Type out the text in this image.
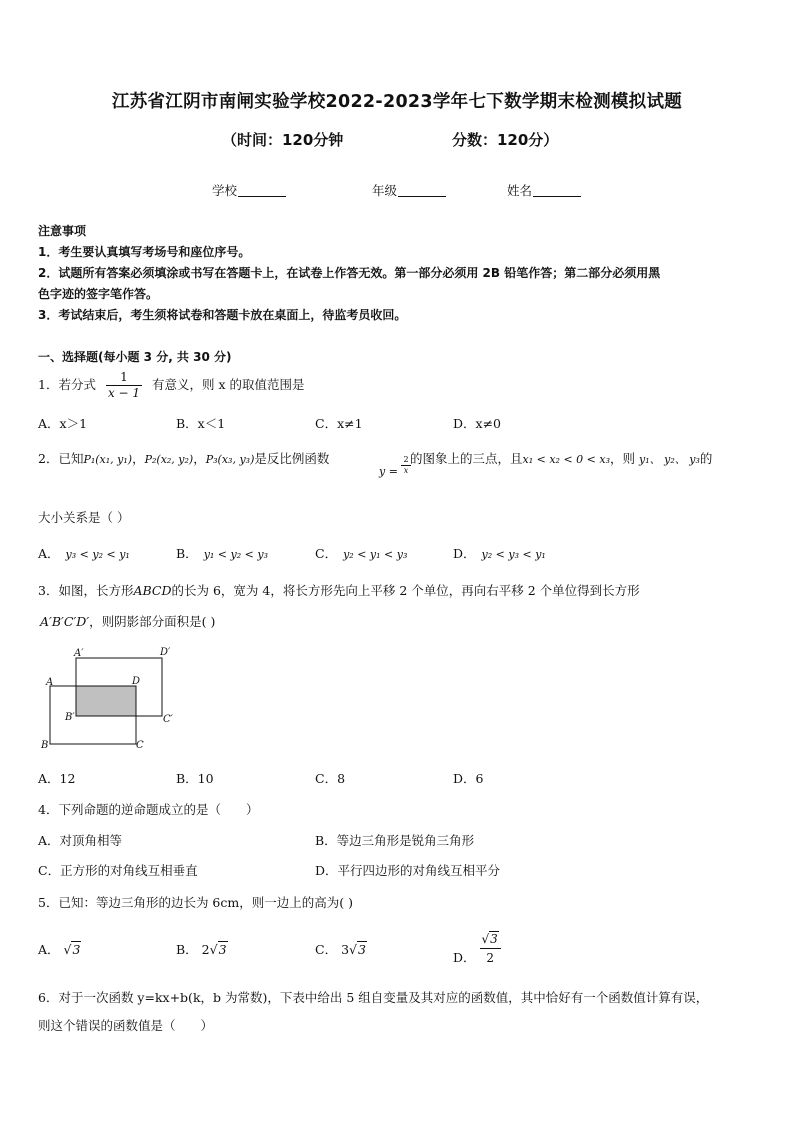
江苏省江阴市南闸实验学校2022-2023学年七下数学期末检测模拟试题
（时间：120分钟	分数：120分）
学校	年级	姓名
注意事项
1．考生要认真填写考场号和座位序号。
2．试题所有答案必须填涂或书写在答题卡上，在试卷上作答无效。第一部分必须用 2B 铅笔作答；第二部分必须用黑
色字迹的签字笔作答。
3．考试结束后，考生须将试卷和答题卡放在桌面上，待监考员收回。
一、选择题(每小题 3 分, 共 30 分)
1．若分式 $\frac{1}{x - 1}$ 有意义，则 x 的取值范围是
A．x＞1	B．x＜1	C．x≠1	D．x≠0
2．已知P₁(x₁, y₁)，P₂(x₂, y₂)，P₃(x₃, y₃)是反比例函数
$y = \frac{2}{x}$ 的图象上的三点，且x₁ < x₂ < 0 < x₃，则 y₁、 y₂、 y₃的
大小关系是（ ）
A． y₃ < y₂ < y₁	B． y₁ < y₂ < y₃	C． y₂ < y₁ < y₃	D． y₂ < y₃ < y₁
3．如图，长方形ABCD的长为 6，宽为 4，将长方形先向上平移 2 个单位，再向右平移 2 个单位得到长方形
A′B′C′D′，则阴影部分面积是( )
A
B	C
D
A′
B′	C′
D′
A．12	B．10	C．8	D．6
4．下列命题的逆命题成立的是（　　）
A．对顶角相等	B．等边三角形是锐角三角形
C．正方形的对角线互相垂直	D．平行四边形的对角线互相平分
5．已知：等边三角形的边长为 6cm，则一边上的高为( )
A． √3	B． 2√3	C． 3√3
D． $\frac{√3}{2}$
6．对于一次函数 y=kx+b(k，b 为常数)，下表中给出 5 组自变量及其对应的函数值，其中恰好有一个函数值计算有误，
则这个错误的函数值是（　　）
